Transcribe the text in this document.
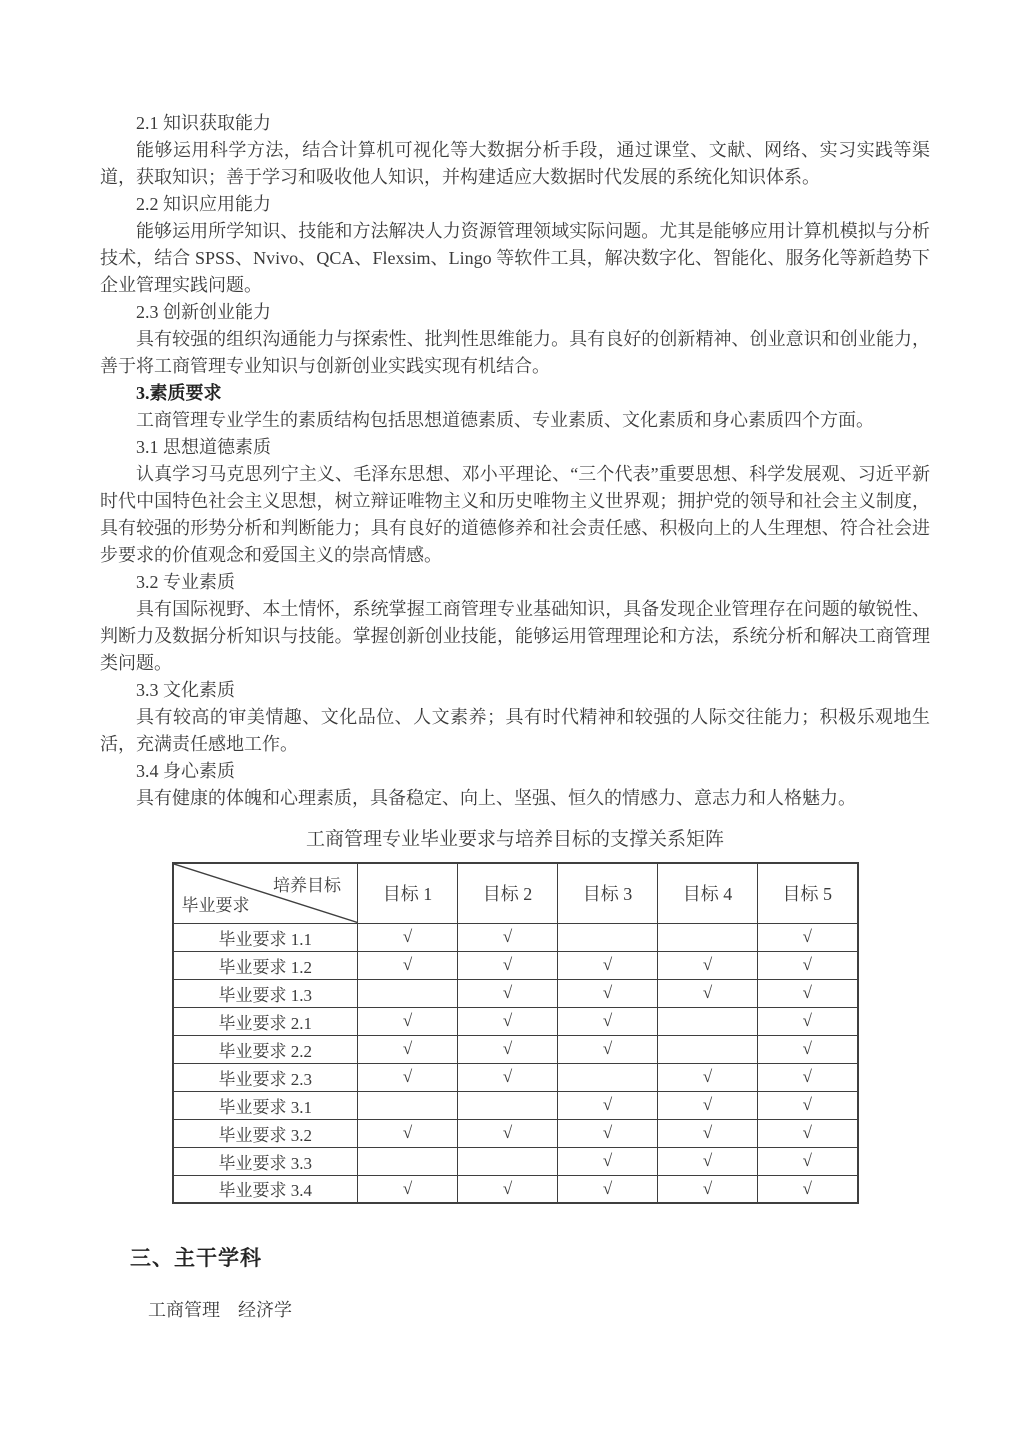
2.1 知识获取能力

能够运用科学方法，结合计算机可视化等大数据分析手段，通过课堂、文献、网络、实习实践等渠道，获取知识；善于学习和吸收他人知识，并构建适应大数据时代发展的系统化知识体系。

2.2 知识应用能力

能够运用所学知识、技能和方法解决人力资源管理领域实际问题。尤其是能够应用计算机模拟与分析技术，结合 SPSS、Nvivo、QCA、Flexsim、Lingo 等软件工具，解决数字化、智能化、服务化等新趋势下企业管理实践问题。

2.3 创新创业能力

具有较强的组织沟通能力与探索性、批判性思维能力。具有良好的创新精神、创业意识和创业能力，善于将工商管理专业知识与创新创业实践实现有机结合。

3.素质要求

工商管理专业学生的素质结构包括思想道德素质、专业素质、文化素质和身心素质四个方面。

3.1 思想道德素质

认真学习马克思列宁主义、毛泽东思想、邓小平理论、“三个代表”重要思想、科学发展观、习近平新时代中国特色社会主义思想，树立辩证唯物主义和历史唯物主义世界观；拥护党的领导和社会主义制度，具有较强的形势分析和判断能力；具有良好的道德修养和社会责任感、积极向上的人生理想、符合社会进步要求的价值观念和爱国主义的崇高情感。

3.2 专业素质

具有国际视野、本土情怀，系统掌握工商管理专业基础知识，具备发现企业管理存在问题的敏锐性、判断力及数据分析知识与技能。掌握创新创业技能，能够运用管理理论和方法，系统分析和解决工商管理类问题。

3.3 文化素质

具有较高的审美情趣、文化品位、人文素养；具有时代精神和较强的人际交往能力；积极乐观地生活，充满责任感地工作。

3.4 身心素质

具有健康的体魄和心理素质，具备稳定、向上、坚强、恒久的情感力、意志力和人格魅力。

工商管理专业毕业要求与培养目标的支撑关系矩阵

培养目标
毕业要求	目标 1	目标 2	目标 3	目标 4	目标 5
毕业要求 1.1	√	√			√
毕业要求 1.2	√	√	√	√	√
毕业要求 1.3		√	√	√	√
毕业要求 2.1	√	√	√		√
毕业要求 2.2	√	√	√		√
毕业要求 2.3	√	√		√	√
毕业要求 3.1			√	√	√
毕业要求 3.2	√	√	√	√	√
毕业要求 3.3			√	√	√
毕业要求 3.4	√	√	√	√	√
三、主干学科

工商管理　经济学
